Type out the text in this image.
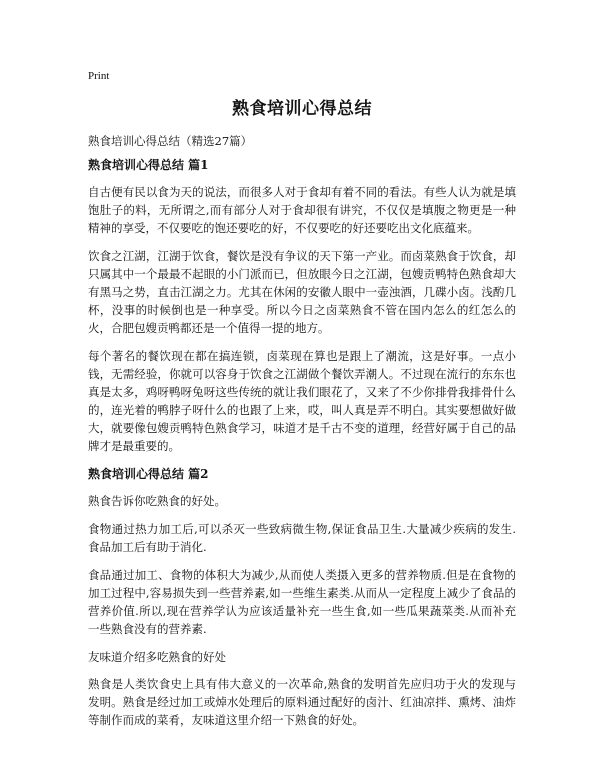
Print
熟食培训心得总结
熟食培训心得总结（精选27篇）
熟食培训心得总结 篇1

自古便有民以食为天的说法，而很多人对于食却有着不同的看法。有些人认为就是填饱肚子的料，无所谓之,而有部分人对于食却很有讲究，不仅仅是填腹之物更是一种精神的享受，不仅要吃的饱还要吃的好，不仅要吃的好还要吃出文化底蕴来。

饮食之江湖，江湖于饮食，餐饮是没有争议的天下第一产业。而卤菜熟食于饮食，却只属其中一个最最不起眼的小门派而已，但放眼今日之江湖，包嫂贡鸭特色熟食却大有黑马之势，直击江湖之力。尤其在休闲的安徽人眼中一壶浊酒，几碟小卤。浅酌几杯，没事的时候倒也是一种享受。所以今日之卤菜熟食不管在国内怎么的红怎么的火，合肥包嫂贡鸭都还是一个值得一提的地方。

每个著名的餐饮现在都在搞连锁，卤菜现在算也是跟上了潮流，这是好事。一点小钱，无需经验，你就可以容身于饮食之江湖做个餐饮弄潮人。不过现在流行的东东也真是太多，鸡呀鸭呀兔呀这些传统的就让我们眼花了，又来了不少你排骨我排骨什么的，连光着的鸭脖子呀什么的也跟了上来，哎，叫人真是弄不明白。其实要想做好做大，就要像包嫂贡鸭特色熟食学习，味道才是千古不变的道理，经营好属于自己的品牌才是最重要的。

熟食培训心得总结 篇2

熟食告诉你吃熟食的好处。

食物通过热力加工后,可以杀灭一些致病微生物,保证食品卫生.大量减少疾病的发生.食品加工后有助于消化.

食品通过加工、食物的体积大为减少,从而使人类摄入更多的营养物质.但是在食物的加工过程中,容易损失到一些营养素,如一些维生素类.从而从一定程度上减少了食品的营养价值.所以,现在营养学认为应该适量补充一些生食,如一些瓜果蔬菜类.从而补充一些熟食没有的营养素.

友味道介绍多吃熟食的好处

熟食是人类饮食史上具有伟大意义的一次革命,熟食的发明首先应归功于火的发现与发明。熟食是经过加工或焯水处理后的原料通过配好的卤汁、红油凉拌、熏烤、油炸等制作而成的菜肴，友味道这里介绍一下熟食的好处。
